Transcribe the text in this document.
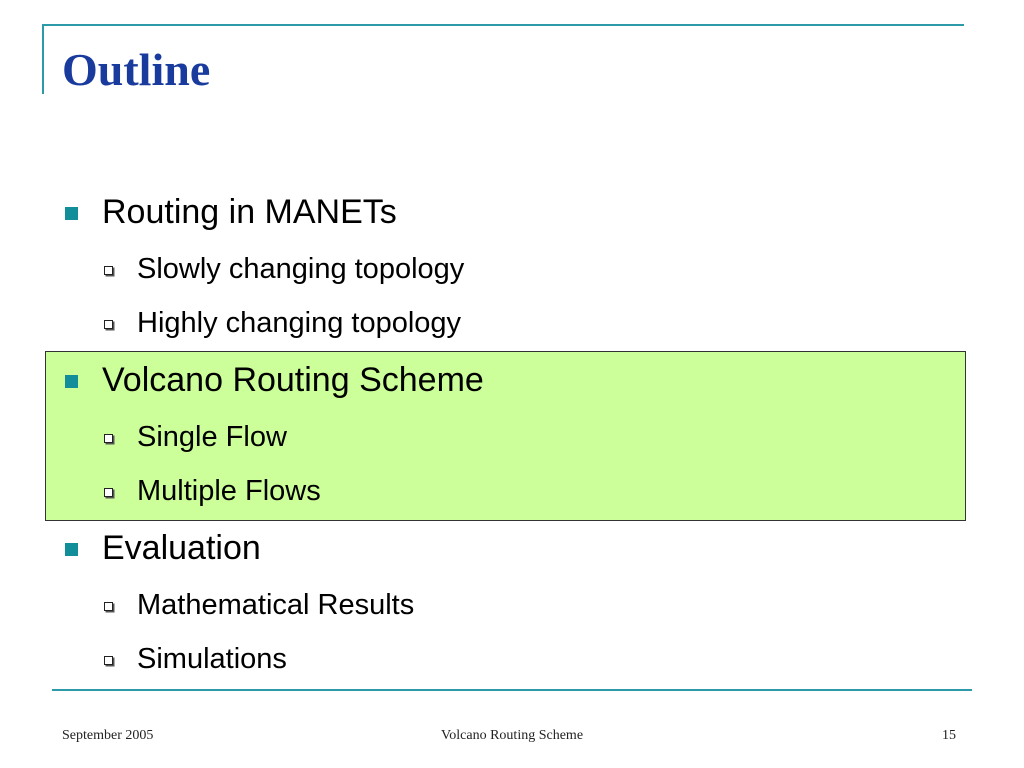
Outline
Routing in MANETs
Slowly changing topology
Highly changing topology
Volcano Routing Scheme
Single Flow
Multiple Flows
Evaluation
Mathematical Results
Simulations
September 2005	Volcano Routing Scheme	15
